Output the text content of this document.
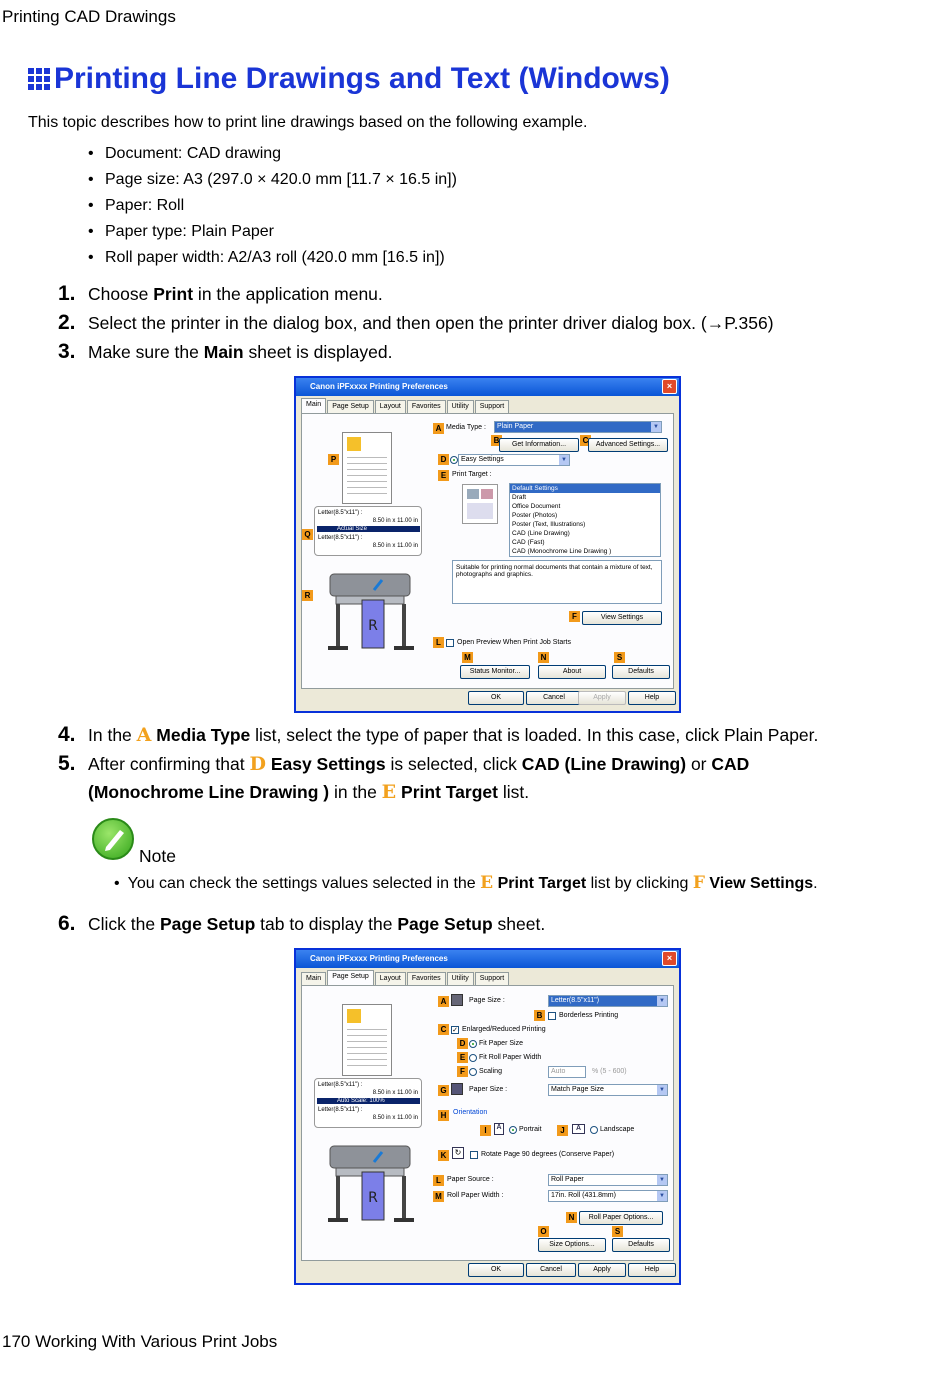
Printing CAD Drawings
Printing Line Drawings and Text (Windows)
This topic describes how to print line drawings based on the following example.
• Document: CAD drawing
• Page size: A3 (297.0 × 420.0 mm [11.7 × 16.5 in])
• Paper: Roll
• Paper type: Plain Paper
• Roll paper width: A2/A3 roll (420.0 mm [16.5 in])
1. Choose Print in the application menu.
2. Select the printer in the dialog box, and then open the printer driver dialog box. (→P.356)
3. Make sure the Main sheet is displayed.
Canon iPFxxxx Printing Preferences	×
Main	Page Setup	Layout	Favorites	Utility	Support
Letter(8.5"x11") :
8.50 in x 11.00 in
Actual Size
Letter(8.5"x11") :
8.50 in x 11.00 in
R
A Media Type :	Plain Paper	▼
B	Get Information...	C	Advanced Settings...
D	Easy Settings	▼
E Print Target :
Default Settings
Draft
Office Document
Poster (Photos)
Poster (Text, Illustrations)
CAD (Line Drawing)
CAD (Fast)
CAD (Monochrome Line Drawing )
Suitable for printing normal documents that contain a mixture of text, photographs and graphics.
F	View Settings
L	Open Preview When Print Job Starts
M	N	S
Status Monitor...	About	Defaults
P
Q
R
OK	Cancel	Apply	Help
4. In the A Media Type list, select the type of paper that is loaded. In this case, click Plain Paper.
5. After confirming that D Easy Settings is selected, click CAD (Line Drawing) or CAD
(Monochrome Line Drawing ) in the E Print Target list.
Note
• You can check the settings values selected in the E Print Target list by clicking F View Settings.
6. Click the Page Setup tab to display the Page Setup sheet.
Canon iPFxxxx Printing Preferences	×
Main	Page Setup	Layout	Favorites	Utility	Support
Letter(8.5"x11") :
8.50 in x 11.00 in
Auto Scale: 100%
Letter(8.5"x11") :
8.50 in x 11.00 in
R
A	Page Size :	Letter(8.5"x11")	▼
B	Borderless Printing
C ✓ Enlarged/Reduced Printing
D	Fit Paper Size
E	Fit Roll Paper Width
F	Scaling	Auto	% (5 - 600)
G	Paper Size :	Match Page Size	▼
H Orientation
I	A	Portrait	J	A	Landscape
K	↻	Rotate Page 90 degrees (Conserve Paper)
L Paper Source :	Roll Paper	▼
M Roll Paper Width :	17in. Roll (431.8mm)	▼
N	Roll Paper Options...
O	S
Size Options...	Defaults
OK	Cancel	Apply	Help
170 Working With Various Print Jobs
